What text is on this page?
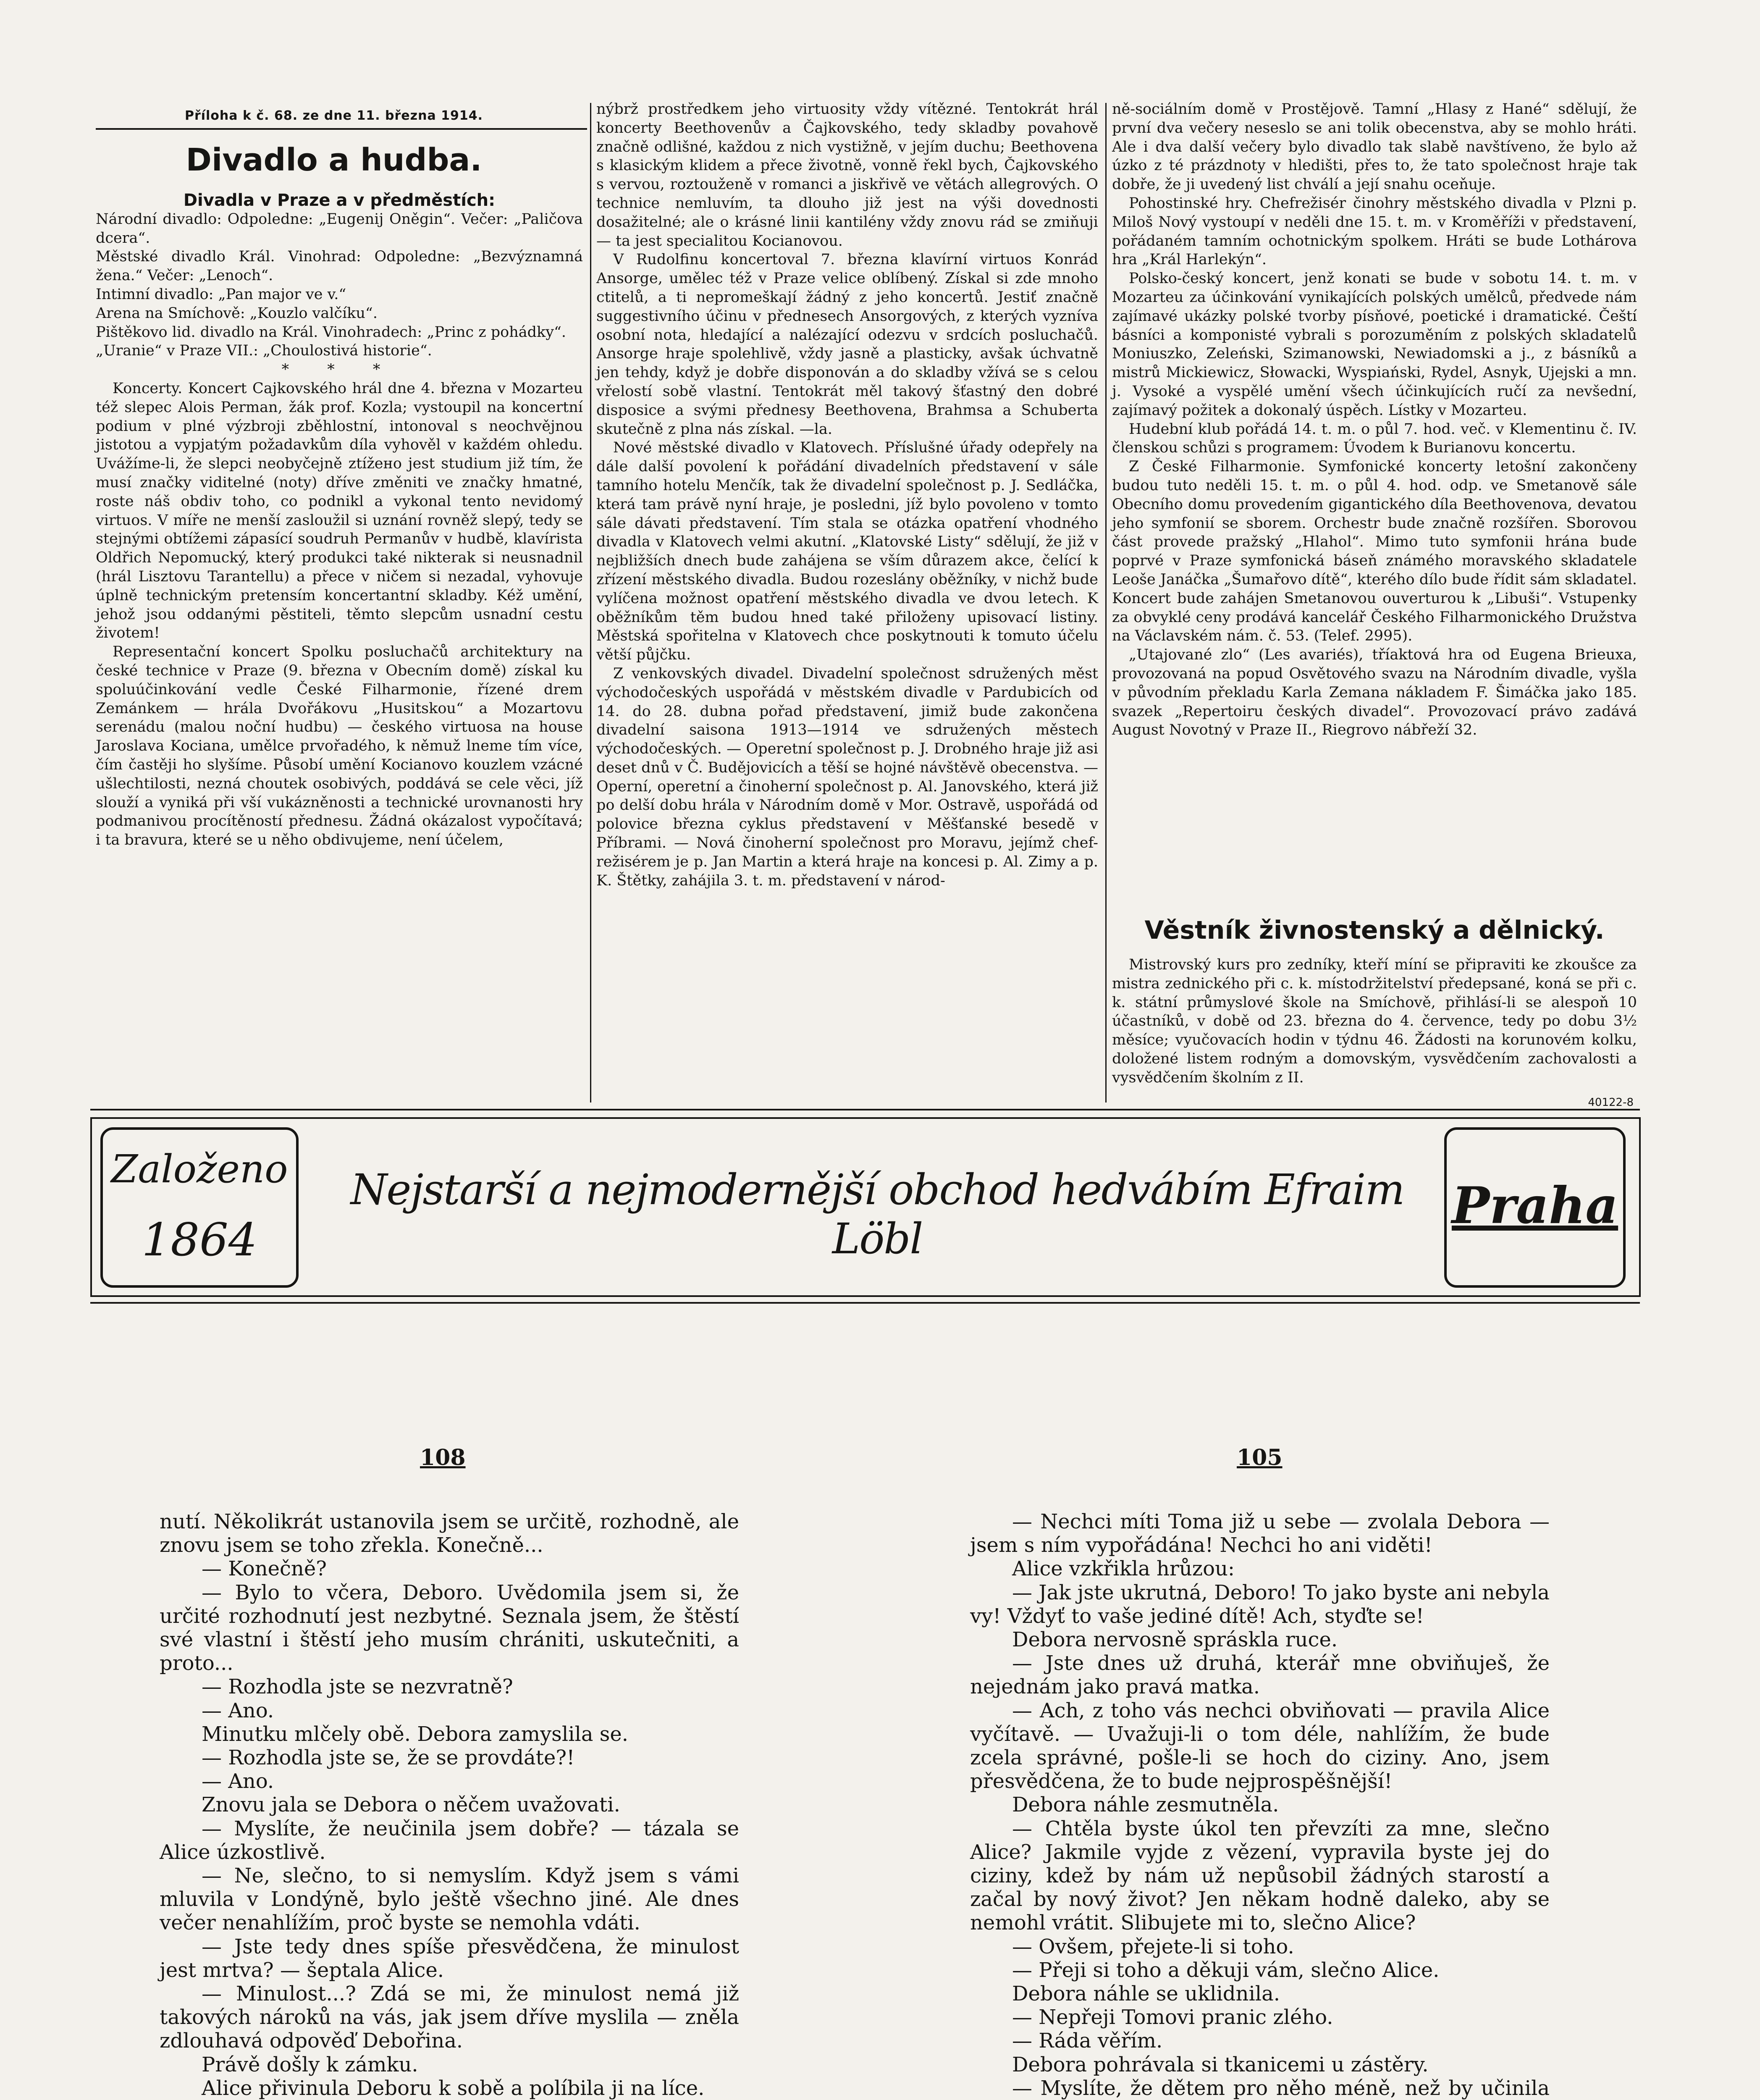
Příloha k č. 68. ze dne 11. března 1914.
Divadlo a hudba.

Divadla v Praze a v předměstích:

Národní divadlo: Odpoledne: „Eugenij Oněgin“. Večer: „Paličova dcera“.

Městské divadlo Král. Vinohrad: Odpoledne: „Bezvýznamná žena.“ Večer: „Lenoch“.

Intimní divadlo: „Pan major ve v.“

Arena na Smíchově: „Kouzlo valčíku“.

Pištěkovo lid. divadlo na Král. Vinohradech: „Princ z pohádky“.

„Uranie“ v Praze VII.: „Choulostivá historie“.

* * *

Koncerty. Koncert Cajkovského hrál dne 4. března v Mozarteu též slepec Alois Perman, žák prof. Kozla; vystoupil na koncertní podium v plné výzbroji zběhlostní, intonoval s neochvějnou jistotou a vypjatým požadavkům díla vyhověl v každém ohledu. Uvážíme-li, že slepci neobyčejně ztížено jest studium již tím, že musí značky viditelné (noty) dříve změniti ve značky hmatné, roste náš obdiv tohо, co podnikl a vykonal tento nevidomý virtuos. V míře ne menší zasloužil si uznání rovněž slepý, tedy se stejnými obtížemi zápasící soudruh Permanův v hudbě, klavírista Oldřich Nepomucký, který produkci také nikterak si neusnadnil (hrál Lisztovu Tarantellu) a přece v ničem si nezadal, vyhovuje úplně technickým pretensím koncertantní skladby. Kéž umění, jehož jsou oddanými pěstiteli, těmto slepcům usnadní cestu životem!

Representační koncert Spolku posluchačů architektury na české technice v Praze (9. března v Obecním domě) získal ku spoluúčinkování vedle České Filharmonie, řízené drem Zemánkem — hrála Dvořákovu „Husitskou“ a Mozartovu serenádu (malou noční hudbu) — českého virtuosa na house Jaroslava Kociana, umělce prvořadého, k němuž lneme tím více, čím častěji ho slyšíme. Působí umění Kocianovo kouzlem vzácné ušlechtilosti, nezná choutek osobivých, poddává se cele věci, jíž slouží a vyniká při vší vukázněnosti a technické urovnanosti hry podmanivou procítěností přednesu. Žádná okázalost vypočítavá; i ta bravura, které se u něho obdivujeme, není účelem,

nýbrž prostředkem jeho virtuosity vždy vítězné. Tentokrát hrál koncerty Beethovenův a Čajkovského, tedy skladby povahově značně odlišné, každou z nich vystižně, v jejím duchu; Beethovena s klasickým klidem a přece životně, vonně řekl bych, Čajkovského s vervou, roztouženě v romanci a jiskřivě ve větách allegrových. O technice nemluvím, ta dlouho již jest na výši dovednosti dosažitelné; ale o krásné linii kantilény vždy znovu rád se zmiňuji — ta jest specialitou Kocianovou.

V Rudolfinu koncertoval 7. března klavírní virtuos Konrád Ansorge, umělec též v Praze velice oblíbený. Získal si zde mnoho ctitelů, a ti nepromeškají žádný z jeho koncertů. Jestiť značně suggestivního účinu v přednesech Ansorgových, z kterých vyzníva osobní nota, hledající a nalézající odezvu v srdcích posluchačů. Ansorge hraje spolehlivě, vždy jasně a plasticky, avšak úchvatně jen tehdy, když je dobře disponován a do skladby vžívá se s celou vřelostí sobě vlastní. Tentokrát měl takový šťastný den dobré disposice a svými přednesy Beethovena, Brahmsa a Schuberta skutečně z plna nás získal. —la.

Nové městské divadlo v Klatovech. Příslušné úřady odepřely na dále další povolení k pořádání divadelních představení v sále tamního hotelu Menčík, tak že divadelní společnost p. J. Sedláčka, která tam právě nyní hraje, je posledni, jíž bylo povoleno v tomto sále dávati představení. Tím stala se otázka opatření vhodného divadla v Klatovech velmi akutní. „Klatovské Listy“ sdělují, že již v nejbližších dnech bude zahájena se vším důrazem akce, čelící k zřízení městského divadla. Budou rozeslány oběžníky, v nichž bude vylíčena možnost opatření městského divadla ve dvou letech. K oběžníkům těm budou hned také přiloženy upisovací listiny. Městská spořitelna v Klatovech chce poskytnouti k tomuto účelu větší půjčku.

Z venkovských divadel. Divadelní společnost sdružených měst východočeských uspořádá v městském divadle v Pardubicích od 14. do 28. dubna pořad představení, jimiž bude zakončena divadelní saisona 1913—1914 ve sdružených městech východočeských. — Operetní společnost p. J. Drobného hraje již asi deset dnů v Č. Budějovicích a těší se hojné návštěvě obecenstva. — Operní, operetní a činoherní společnost p. Al. Janovského, která již po delší dobu hrála v Národním domě v Mor. Ostravě, uspořádá od polovice března cyklus představení v Měšťanské besedě v Příbrami. — Nová činoherní společnost pro Moravu, jejímž chef-režisérem je p. Jan Martin a která hraje na koncesi p. Al. Zimy a p. K. Štětky, zahájila 3. t. m. představení v národ-

ně-sociálním domě v Prostějově. Tamní „Hlasy z Hané“ sdělují, že první dva večery neseslo se ani tolik obecenstva, aby se mohlo hráti. Ale i dva další večery bylo divadlo tak slabě navštíveno, že bylo až úzko z té prázdnoty v hledišti, přes to, že tato společnost hraje tak dobře, že ji uvedený list chválí a její snahu oceňuje.

Pohostinské hry. Chefrežisér činohry městského divadla v Plzni p. Miloš Nový vystoupí v neděli dne 15. t. m. v Kroměříži v představení, pořádaném tamním ochotnickým spolkem. Hráti se bude Lothárova hra „Král Harlekýn“.

Polsko-český koncert, jenž konati se bude v sobotu 14. t. m. v Mozarteu za účinkování vynikajících polských umělců, předvede nám zajímavé ukázky polské tvorby písňové, poetické i dramatické. Čeští básníci a komponisté vybrali s porozuměním z polských skladatelů Moniuszko, Zeleński, Szimanowski, Newiadomski a j., z básníků a mistrů Mickiewicz, Słowacki, Wyspiański, Rydel, Asnyk, Ujejski a mn. j. Vysoké a vyspělé umění všech účinkujících ručí za nevšední, zajímavý požitek a dokonalý úspěch. Lístky v Mozarteu.

Hudební klub pořádá 14. t. m. o půl 7. hod. več. v Klementinu č. IV. členskou schůzi s programem: Úvodem k Burianovu koncertu.

Z České Filharmonie. Symfonické koncerty letošní zakončeny budou tuto neděli 15. t. m. o půl 4. hod. odp. ve Smetanově sále Obecního domu provedením gigantického díla Beethovenova, devatou jeho symfonií se sborem. Orchestr bude značně rozšířen. Sborovou část provede pražský „Hlahol“. Mimo tuto symfonii hrána bude poprvé v Praze symfonická báseň známého moravského skladatele Leoše Janáčka „Šumařovo dítě“, kterého dílo bude řídit sám skladatel. Koncert bude zahájen Smetanovou ouverturou k „Libuši“. Vstupenky za obvyklé ceny prodává kancelář Českého Filharmonického Družstva na Václavském nám. č. 53. (Telef. 2995).

„Utajované zlo“ (Les avariés), tříaktová hra od Eugena Brieuxa, provozovaná na popud Osvětového svazu na Národním divadle, vyšla v původním překladu Karla Zemana nákladem F. Šimáčka jako 185. svazek „Repertoiru českých divadel“. Provozovací právo zadává August Novotný v Praze II., Riegrovo nábřeží 32.

Věstník živnostenský a dělnický.

Mistrovský kurs pro zedníky, kteří míní se připraviti ke zkoušce za mistra zednického při c. k. místodržitelství předepsané, koná se při c. k. státní průmyslové škole na Smíchově, přihlásí-li se alespoň 10 účastníků, v době od 23. března do 4. července, tedy po dobu 3½ měsíce; vyučovacích hodin v týdnu 46. Žádosti na korunovém kolku, doložené listem rodným a domovským, vysvědčením zachovalosti a vysvědčením školním z II.

40122-8
Založeno
1864
Nejstarší a nejmodernější obchod hedvábím Efraim Löbl
Praha
108	105

nutí. Několikrát ustanovila jsem se určitě, rozhodně, ale znovu jsem se toho zřekla. Konečně...

— Konečně?

— Bylo to včera, Deboro. Uvědomila jsem si, že určité rozhodnutí jest nezbytné. Seznala jsem, že štěstí své vlastní i štěstí jeho musím chrániti, uskutečniti, a proto...

— Rozhodla jste se nezvratně?

— Ano.

Minutku mlčely obě. Debora zamyslila se.

— Rozhodla jste se, že se provdáte?!

— Ano.

Znovu jala se Debora o něčem uvažovati.

— Myslíte, že neučinila jsem dobře? — tázala se Alice úzkostlivě.

— Ne, slečno, to si nemyslím. Když jsem s vámi mluvila v Londýně, bylo ještě všechno jiné. Ale dnes večer nenahlížím, proč byste se nemohla vdáti.

— Jste tedy dnes spíše přesvědčena, že minulost jest mrtva? — šeptala Alice.

— Minulost...? Zdá se mi, že minulost nemá již takových nároků na vás, jak jsem dříve myslila — zněla zdlouhavá odpověď Debořina.

Právě došly k zámku.

Alice přivinula Deboru k sobě a políbila ji na líce.

— Nechci míti Toma již u sebe — zvolala Debora — jsem s ním vypořádána! Nechci ho ani viděti!

Alice vzkřikla hrůzou:

— Jak jste ukrutná, Deboro! To jako byste ani nebyla vy! Vždyť to vaše jediné dítě! Ach, styďte se!

Debora nervosně spráskla ruce.

— Jste dnes už druhá, kterář mne obviňuješ, že nejednám jako pravá matka.

— Ach, z toho vás nechci obviňovati — pravila Alice vyčítavě. — Uvažuji-li o tom déle, nahlížím, že bude zcela správné, pošle-li se hoch do ciziny. Ano, jsem přesvědčena, že to bude nejprospěšnější!

Debora náhle zesmutněla.

— Chtěla byste úkol ten převzíti za mne, slečno Alice? Jakmile vyjde z vězení, vypravila byste jej do ciziny, kdež by nám už nepůsobil žádných starostí a začal by nový život? Jen někam hodně daleko, aby se nemohl vrátit. Slibujete mi to, slečno Alice?

— Ovšem, přejete-li si toho.

— Přeji si toho a děkuji vám, slečno Alice.

Debora náhle se uklidnila.

— Nepřeji Tomovi pranic zlého.

— Ráda věřím.

Debora pohrávala si tkanicemi u zástěry.

— Myslíte, že dětem pro něho méně, než by učinila
